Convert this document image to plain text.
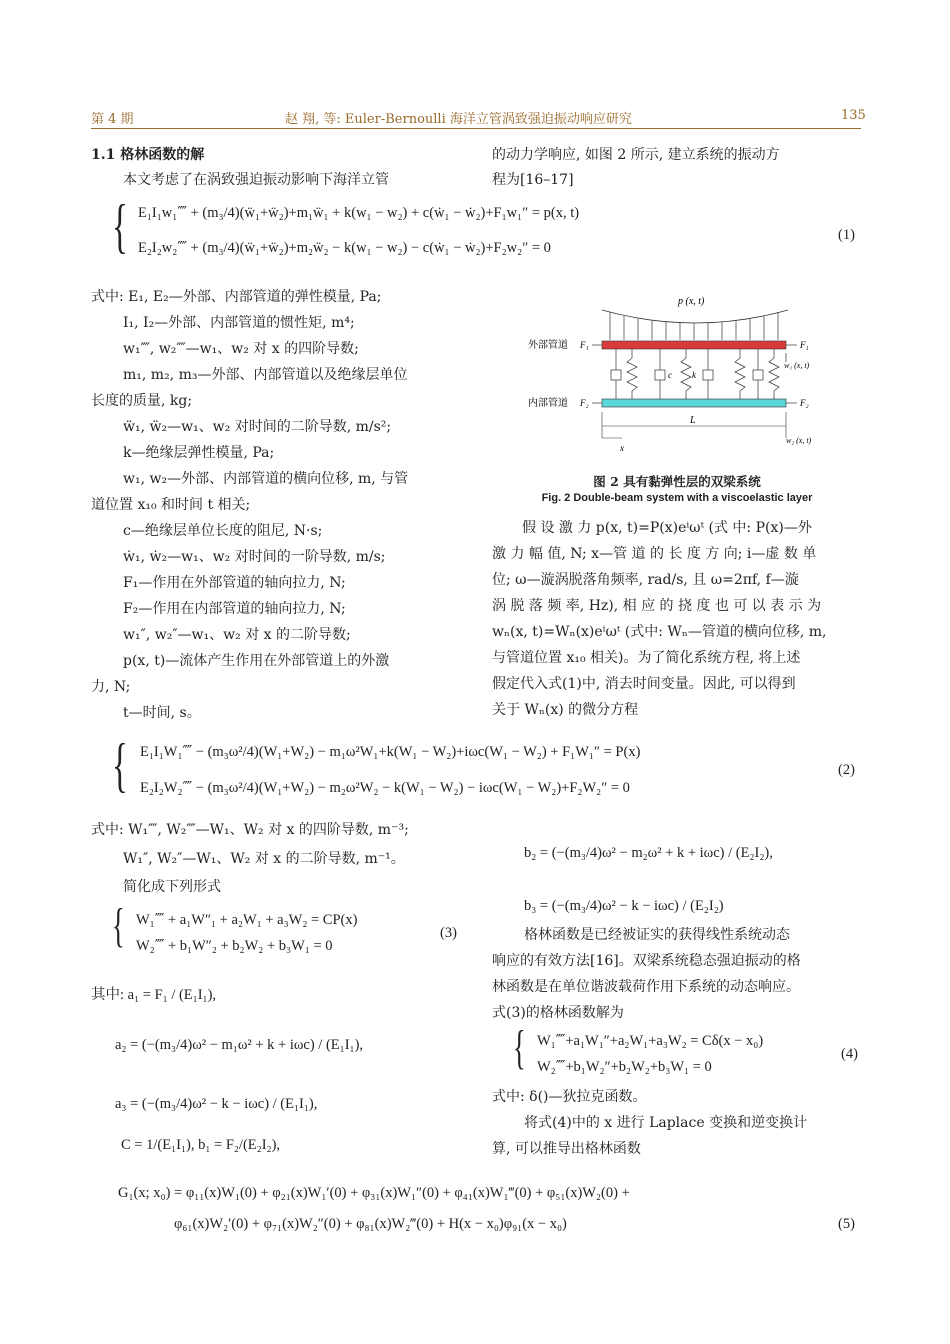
第 4 期	赵 翔, 等: Euler-Bernoulli 海洋立管涡致强迫振动响应研究	135
1.1 格林函数的解
本文考虑了在涡致强迫振动影响下海洋立管
的动力学响应, 如图 2 所示, 建立系统的振动方
程为[16–17]
{ E₁I₁w₁⁗ + (m₃/4)(ẅ₁+ẅ₂)+m₁ẅ₁ + k(w₁ − w₂) + c(ẇ₁ − ẇ₂)+F₁w₁″ = p(x, t)
E₂I₂w₂⁗ + (m₃/4)(ẅ₁+ẅ₂)+m₂ẅ₂ − k(w₁ − w₂) − c(ẇ₁ − ẇ₂)+F₂w₂″ = 0
(1)
式中: E₁, E₂—外部、内部管道的弹性模量, Pa;
I₁, I₂—外部、内部管道的惯性矩, m⁴;
w₁⁗, w₂⁗—w₁、w₂ 对 x 的四阶导数;
m₁, m₂, m₃—外部、内部管道以及绝缘层单位
长度的质量, kg;
ẅ₁, ẅ₂—w₁、w₂ 对时间的二阶导数, m/s²;
k—绝缘层弹性模量, Pa;
w₁, w₂—外部、内部管道的横向位移, m, 与管
道位置 x₁₀ 和时间 t 相关;
c—绝缘层单位长度的阻尼, N·s;
ẇ₁, ẇ₂—w₁、w₂ 对时间的一阶导数, m/s;
F₁—作用在外部管道的轴向拉力, N;
F₂—作用在内部管道的轴向拉力, N;
w₁″, w₂″—w₁、w₂ 对 x 的二阶导数;
p(x, t)—流体产生作用在外部管道上的外激
力, N;
t—时间, s。
p (x, t)
外部管道
内部管道
F₁
F₂
F₁
F₂
c k
w₁ (x, t)
L
x
w₂ (x, t)
图 2 具有黏弹性层的双梁系统
Fig. 2 Double-beam system with a viscoelastic layer
假 设 激 力 p(x, t)=P(x)eⁱωᵗ (式 中: P(x)—外
激 力 幅 值, N; x—管 道 的 长 度 方 向; i—虚 数 单
位; ω—漩涡脱落角频率, rad/s, 且 ω=2πf, f—漩
涡 脱 落 频 率, Hz), 相 应 的 挠 度 也 可 以 表 示 为
wₙ(x, t)=Wₙ(x)eⁱωᵗ (式中: Wₙ—管道的横向位移, m,
与管道位置 x₁₀ 相关)。为了简化系统方程, 将上述
假定代入式(1)中, 消去时间变量。因此, 可以得到
关于 Wₙ(x) 的微分方程
{ E₁I₁W₁⁗ − (m₃ω²/4)(W₁+W₂) − m₁ω²W₁+k(W₁ − W₂)+iωc(W₁ − W₂) + F₁W₁″ = P(x)
E₂I₂W₂⁗ − (m₃ω²/4)(W₁+W₂) − m₂ω²W₂ − k(W₁ − W₂) − iωc(W₁ − W₂)+F₂W₂″ = 0
(2)
式中: W₁⁗, W₂⁗—W₁、W₂ 对 x 的四阶导数, m⁻³;
W₁″, W₂″—W₁、W₂ 对 x 的二阶导数, m⁻¹。
简化成下列形式
{ W₁⁗ + a₁W″₁ + a₂W₁ + a₃W₂ = CP(x)
W₂⁗ + b₁W″₂ + b₂W₂ + b₃W₁ = 0
(3)
其中: a₁ = F₁ / (E₁I₁),
a₂ = (−(m₃/4)ω² − m₁ω² + k + iωc) / (E₁I₁),
a₃ = (−(m₃/4)ω² − k − iωc) / (E₁I₁),
C = 1/(E₁I₁), b₁ = F₂/(E₂I₂),
b₂ = (−(m₃/4)ω² − m₂ω² + k + iωc) / (E₂I₂),
b₃ = (−(m₃/4)ω² − k − iωc) / (E₂I₂)
格林函数是已经被证实的获得线性系统动态
响应的有效方法[16]。双梁系统稳态强迫振动的格
林函数是在单位谐波载荷作用下系统的动态响应。
式(3)的格林函数解为
{ W₁⁗+a₁W₁″+a₂W₁+a₃W₂ = Cδ(x − x₀)
W₂⁗+b₁W₂″+b₂W₂+b₃W₁ = 0
(4)
式中: δ()—狄拉克函数。
将式(4)中的 x 进行 Laplace 变换和逆变换计
算, 可以推导出格林函数
G₁(x; x₀) = φ₁₁(x)W₁(0) + φ₂₁(x)W₁′(0) + φ₃₁(x)W₁″(0) + φ₄₁(x)W₁‴(0) + φ₅₁(x)W₂(0) +
φ₆₁(x)W₂′(0) + φ₇₁(x)W₂″(0) + φ₈₁(x)W₂‴(0) + H(x − x₀)φ₉₁(x − x₀)	(5)
